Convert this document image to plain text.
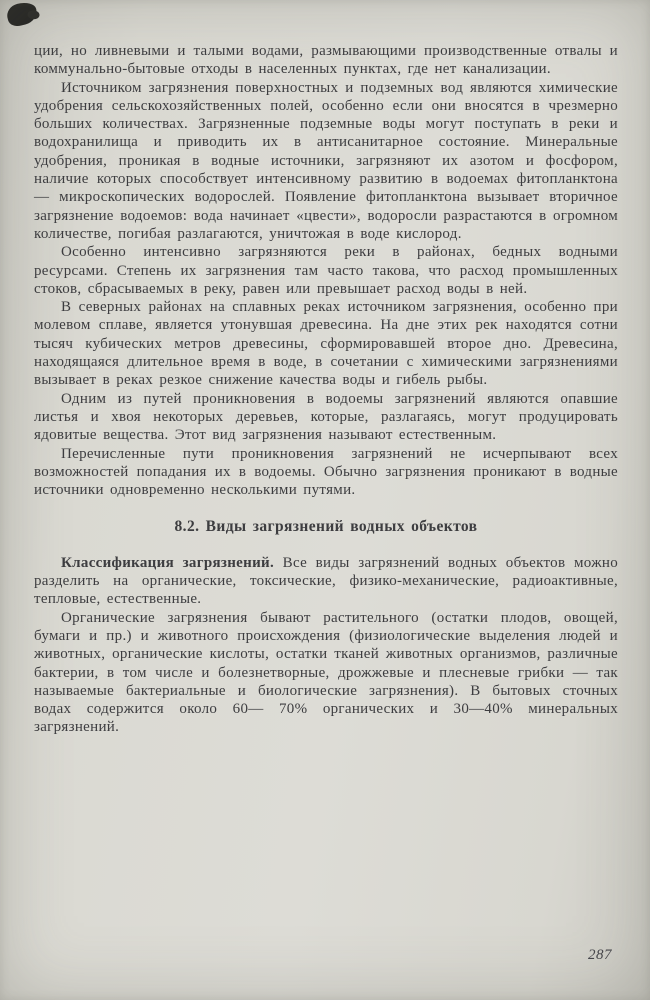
ции, но ливневыми и талыми водами, размывающими производственные отвалы и коммунально-бытовые отходы в населенных пунктах, где нет канализации.

Источником загрязнения поверхностных и подземных вод являются химические удобрения сельскохозяйственных полей, особенно если они вносятся в чрезмерно больших количествах. Загрязненные подземные воды могут поступать в реки и водохранилища и приводить их в антисанитарное состояние. Минеральные удобрения, проникая в водные источники, загрязняют их азотом и фосфором, наличие которых способствует интенсивному развитию в водоемах фитопланктона — микроскопических водорослей. Появление фитопланктона вызывает вторичное загрязнение водоемов: вода начинает «цвести», водоросли разрастаются в огромном количестве, погибая разлагаются, уничтожая в воде кислород.

Особенно интенсивно загрязняются реки в районах, бедных водными ресурсами. Степень их загрязнения там часто такова, что расход промышленных стоков, сбрасываемых в реку, равен или превышает расход воды в ней.

В северных районах на сплавных реках источником загрязнения, особенно при молевом сплаве, является утонувшая древесина. На дне этих рек находятся сотни тысяч кубических метров древесины, сформировавшей второе дно. Древесина, находящаяся длительное время в воде, в сочетании с химическими загрязнениями вызывает в реках резкое снижение качества воды и гибель рыбы.

Одним из путей проникновения в водоемы загрязнений являются опавшие листья и хвоя некоторых деревьев, которые, разлагаясь, могут продуцировать ядовитые вещества. Этот вид загрязнения называют естественным.

Перечисленные пути проникновения загрязнений не исчерпывают всех возможностей попадания их в водоемы. Обычно загрязнения проникают в водные источники одновременно несколькими путями.

8.2. Виды загрязнений водных объектов

Классификация загрязнений. Все виды загрязнений водных объектов можно разделить на органические, токсические, физико-механические, радиоактивные, тепловые, естественные.

Органические загрязнения бывают растительного (остатки плодов, овощей, бумаги и пр.) и животного происхождения (физиологические выделения людей и животных, органические кислоты, остатки тканей животных организмов, различные бактерии, в том числе и болезнетворные, дрожжевые и плесневые грибки — так называемые бактериальные и биологические загрязнения). В бытовых сточных водах содержится около 60— 70% органических и 30—40% минеральных загрязнений.

287
